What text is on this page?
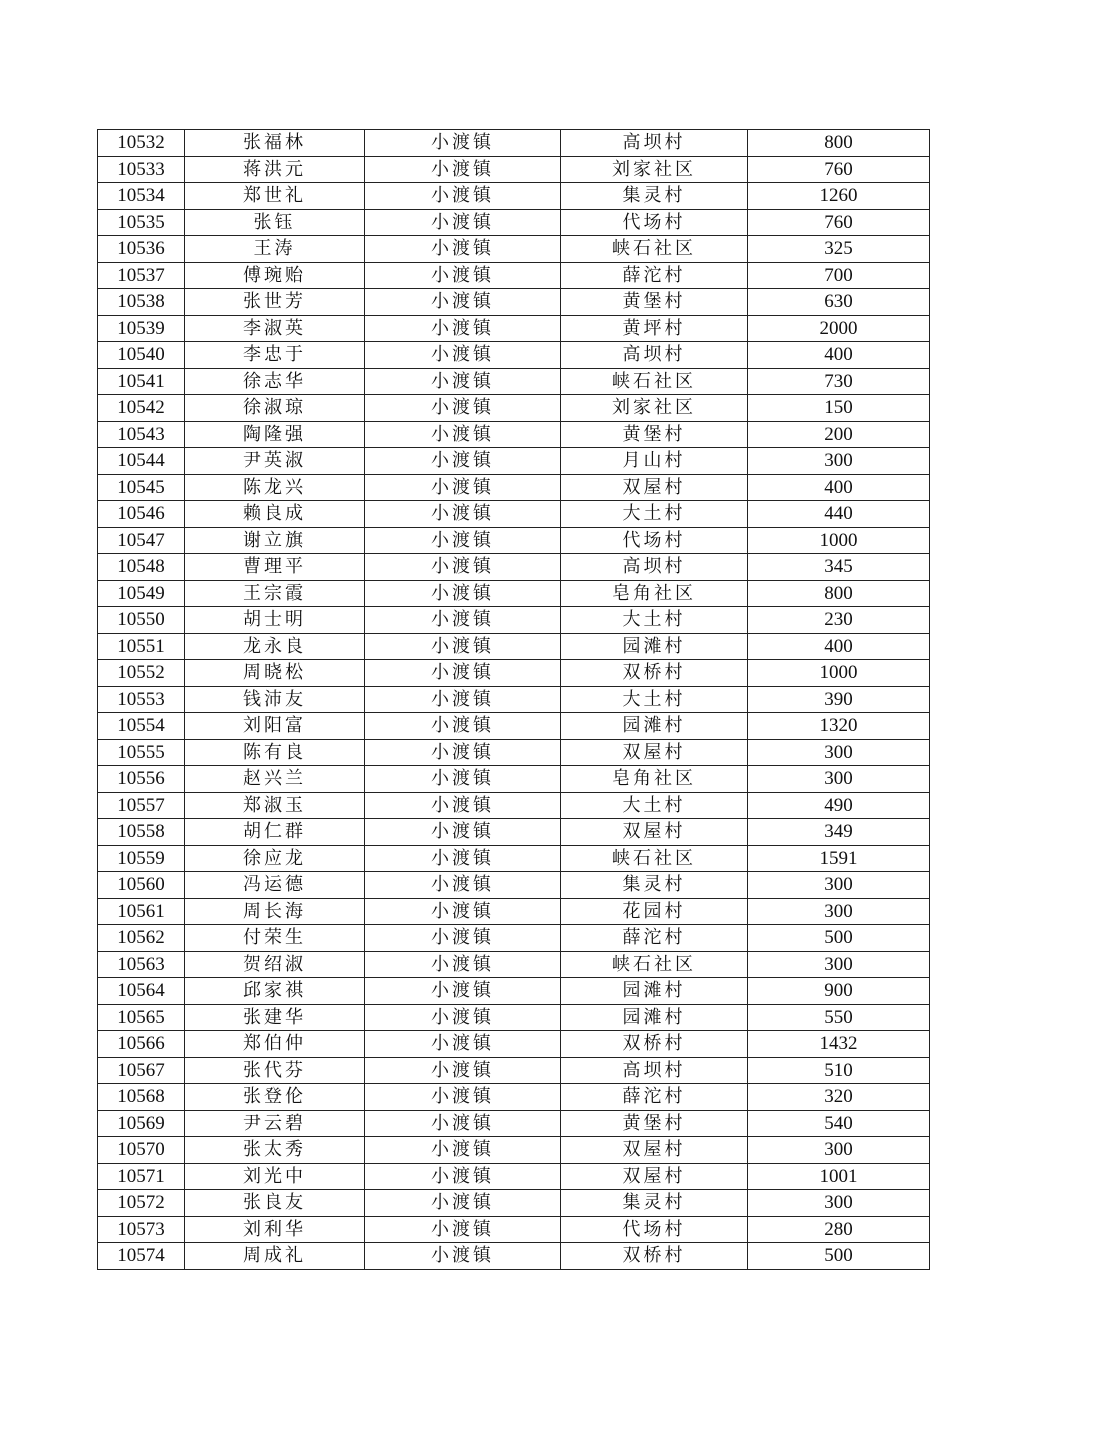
10532	张福林	小渡镇	高坝村	800
10533	蒋洪元	小渡镇	刘家社区	760
10534	郑世礼	小渡镇	集灵村	1260
10535	张钰	小渡镇	代场村	760
10536	王涛	小渡镇	峡石社区	325
10537	傅琬贻	小渡镇	薛沱村	700
10538	张世芳	小渡镇	黄堡村	630
10539	李淑英	小渡镇	黄坪村	2000
10540	李忠于	小渡镇	高坝村	400
10541	徐志华	小渡镇	峡石社区	730
10542	徐淑琼	小渡镇	刘家社区	150
10543	陶隆强	小渡镇	黄堡村	200
10544	尹英淑	小渡镇	月山村	300
10545	陈龙兴	小渡镇	双屋村	400
10546	赖良成	小渡镇	大土村	440
10547	谢立旗	小渡镇	代场村	1000
10548	曹理平	小渡镇	高坝村	345
10549	王宗霞	小渡镇	皂角社区	800
10550	胡士明	小渡镇	大土村	230
10551	龙永良	小渡镇	园滩村	400
10552	周晓松	小渡镇	双桥村	1000
10553	钱沛友	小渡镇	大土村	390
10554	刘阳富	小渡镇	园滩村	1320
10555	陈有良	小渡镇	双屋村	300
10556	赵兴兰	小渡镇	皂角社区	300
10557	郑淑玉	小渡镇	大土村	490
10558	胡仁群	小渡镇	双屋村	349
10559	徐应龙	小渡镇	峡石社区	1591
10560	冯运德	小渡镇	集灵村	300
10561	周长海	小渡镇	花园村	300
10562	付荣生	小渡镇	薛沱村	500
10563	贺绍淑	小渡镇	峡石社区	300
10564	邱家祺	小渡镇	园滩村	900
10565	张建华	小渡镇	园滩村	550
10566	郑伯仲	小渡镇	双桥村	1432
10567	张代芬	小渡镇	高坝村	510
10568	张登伦	小渡镇	薛沱村	320
10569	尹云碧	小渡镇	黄堡村	540
10570	张太秀	小渡镇	双屋村	300
10571	刘光中	小渡镇	双屋村	1001
10572	张良友	小渡镇	集灵村	300
10573	刘利华	小渡镇	代场村	280
10574	周成礼	小渡镇	双桥村	500
